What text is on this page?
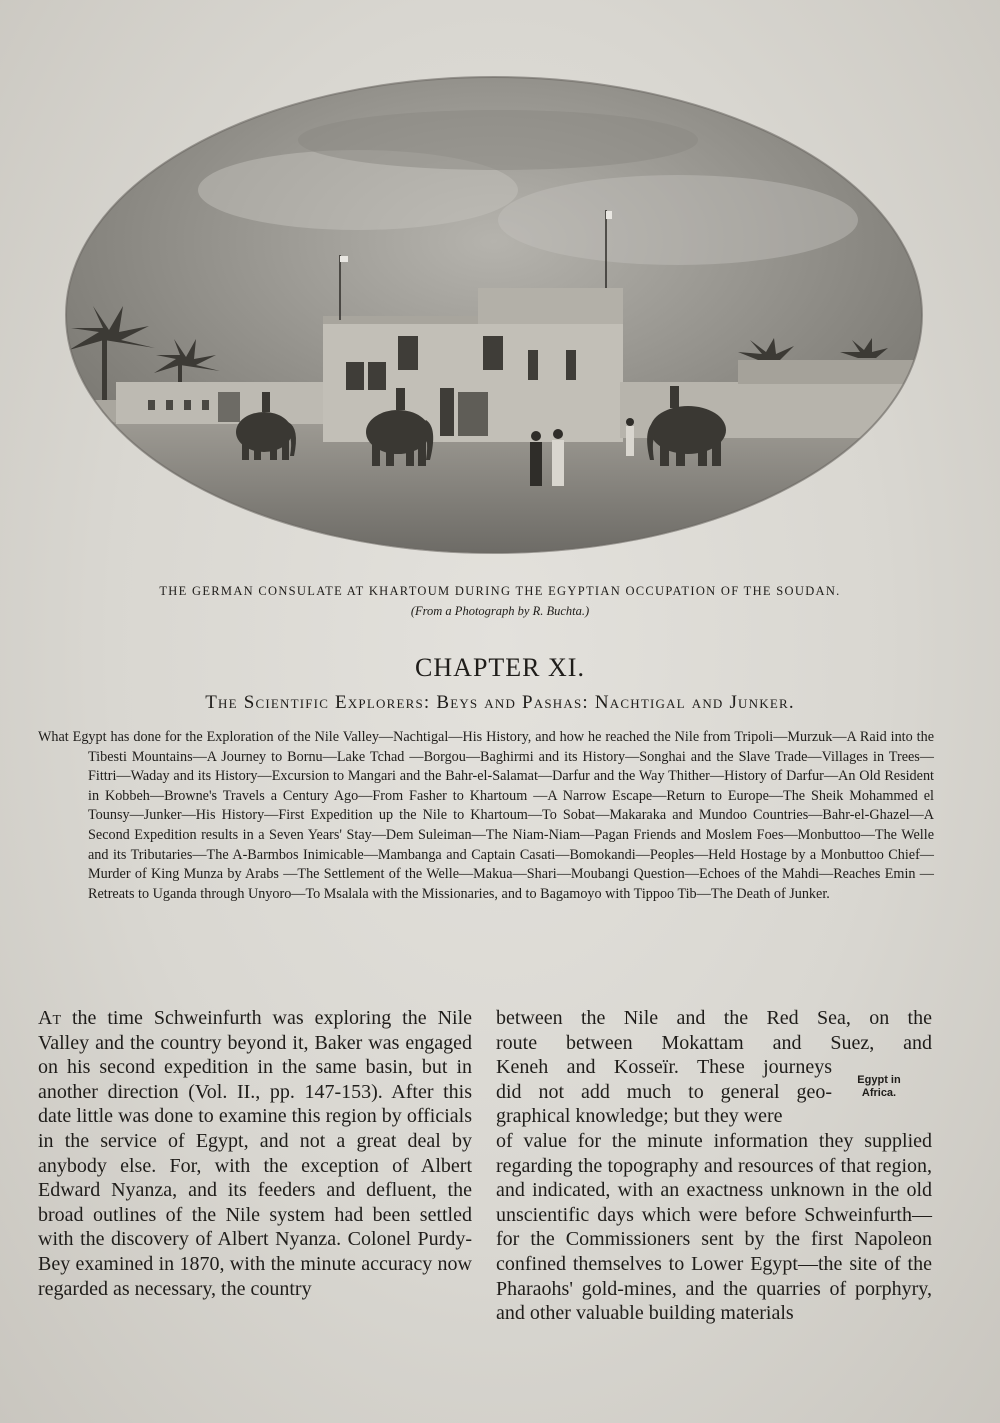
THE GERMAN CONSULATE AT KHARTOUM DURING THE EGYPTIAN OCCUPATION OF THE SOUDAN.
(From a Photograph by R. Buchta.)
CHAPTER XI.
The Scientific Explorers: Beys and Pashas: Nachtigal and Junker.
What Egypt has done for the Exploration of the Nile Valley—Nachtigal—His History, and how he reached the Nile from Tripoli—Murzuk—A Raid into the Tibesti Mountains—A Journey to Bornu—Lake Tchad —Borgou—Baghirmi and its History—Songhai and the Slave Trade—Villages in Trees—Fittri—Waday and its History—Excursion to Mangari and the Bahr-el-Salamat—Darfur and the Way Thither—History of Darfur—An Old Resident in Kobbeh—Browne's Travels a Century Ago—From Fasher to Khartoum —A Narrow Escape—Return to Europe—The Sheik Mohammed el Tounsy—Junker—His History—First Expedition up the Nile to Khartoum—To Sobat—Makaraka and Mundoo Countries—Bahr-el-Ghazel—A Second Expedition results in a Seven Years' Stay—Dem Suleiman—The Niam-Niam—Pagan Friends and Moslem Foes—Monbuttoo—The Welle and its Tributaries—The A-Barmbos Inimicable—Mambanga and Captain Casati—Bomokandi—Peoples—Held Hostage by a Monbuttoo Chief—Murder of King Munza by Arabs —The Settlement of the Welle—Makua—Shari—Moubangi Question—Echoes of the Mahdi—Reaches Emin —Retreats to Uganda through Unyoro—To Msalala with the Missionaries, and to Bagamoyo with Tippoo Tib—The Death of Junker.
At the time Schweinfurth was exploring the Nile Valley and the country beyond it, Baker was engaged on his second expedition in the same basin, but in another direction (Vol. II., pp. 147-153). After this date little was done to examine this region by officials in the service of Egypt, and not a great deal by anybody else. For, with the exception of Albert Edward Nyanza, and its feeders and defluent, the broad outlines of the Nile system had been settled with the discovery of Albert Nyanza. Colonel Purdy-Bey examined in 1870, with the minute accuracy now regarded as necessary, the country
between the Nile and the Red Sea, on the
route between Mokattam and Suez, and
Keneh and Kosseïr. These journeys
did not add much to general geo-
graphical knowledge; but they were
of value for the minute information they supplied regarding the topography and resources of that region, and indicated, with an exactness unknown in the old unscientific days which were before Schweinfurth—for the Commissioners sent by the first Napoleon confined themselves to Lower Egypt—the site of the Pharaohs' gold-mines, and the quarries of porphyry, and other valuable building materials
Egypt in Africa.
